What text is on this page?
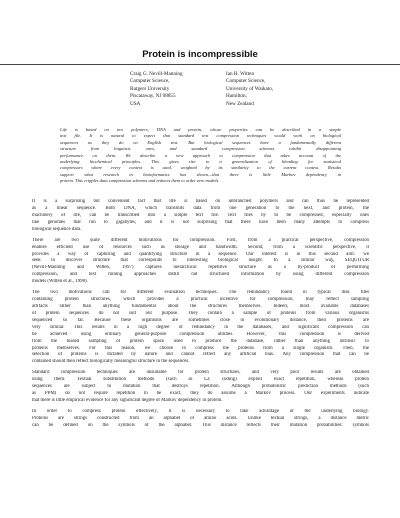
Protein is incompressible
Craig G. Nevill-Manning
Computer Science,
Rutgers University
Piscataway, NJ 08855
USA
Ian H. Witten
Computer Science,
University of Waikato,
Hamilton,
New Zealand
Life is based on two polymers, DNA and protein, whose properties can be described in a simple
text file. It is natural to expect that standard text compression techniques would work on biological
sequences as they do on English text. But biological sequences have a fundamentally different
structure from linguistic ones, and standard compression schemes exhibit disappointing
performance on them. We describe a new approach to compression that takes account of the
underlying biochemical principles. This gives rise to a generalization of blending for statistical
compressors where every context is used, weighted by its similarity to the current context. Results
support what research in bioinformatics has shown—that there is little Markov dependency in
protein. This cripples data compression schemes and reduces them to order zero models.
It is a surprising but convenient fact that life is based on unbranched polymers and can thus be represented
as a linear sequence. Both DNA, which transmits data from one generation to the next, and protein, the
machinery of life, can be transcribed into a simple text file. Text files by to be compressed, especially ones
like genomes that run to gigabytes, and it is not surprising that there have been many attempts to compress
biological sequence data.
There are two quite different motivations for compression. First, from a practical perspective, compression
enables efficient use of resources such as storage and bandwidth. Second, from a scientific perspective, it
provides a way of capturing and quantifying structure in a sequence. Our interest is in this second aim: we
seek to discover structure that corresponds to interesting biological insight. In a similar way, SEQUITUR
(Nevill-Manning and Witten, 1997) captures hierarchical repetitive structure as a by-product of performing
compression, and text mining approaches distill out structured information by using different compression
models (Witten et al., 1998).
The two motivations call for different evaluation techniques. The redundancy found in typical disk files
containing protein structures, which provides a practical incentive for compression, may reflect sampling
artifacts rather than anything fundamental about the structures themselves. Indeed, most available databases
of protein sequences do not suit our purpose. They contain a sample of proteins from various organisms
sequenced so far. Because these organisms are sometimes close in evolutionary distance, their proteins are
very similar. This results in a high degree of redundancy in the databases, and significant compression can
be achieved using ordinary general-purpose compression utilities. However, this compression is derived
from the biased sampling of protein space used to produce the database, rather than anything intrinsic to
proteins themselves. For this reason, we choose to compress the proteins from a single organism. Then, the
selection of proteins is dictated by nature and cannot reflect any artificial bias. Any compression that can be
contained should then reflect biologically meaningful structure in the sequences.
Standard compression techniques are unsuitable for protein structures, and very poor results are obtained
using them. Textual substitution methods (such as LZ coding) exploit exact repetition, whereas protein
sequences are subject to mutation that destroys repetition. Although probabilistic prediction methods (such
as PPM) do not require repetition to be exact, they do assume a Markov process. Our experiments indicate
that there is little empirical evidence for any significant degree of Markov dependency in protein.
In order to compress protein effectively, it is necessary to take advantage of the underlying biology.
Proteins are strings constructed from an alphabet of amino acids. Unlike textual strings, a distance metric
can be defined on the symbols of the alphabet. This distance reflects their mutation probabilities: symbols
